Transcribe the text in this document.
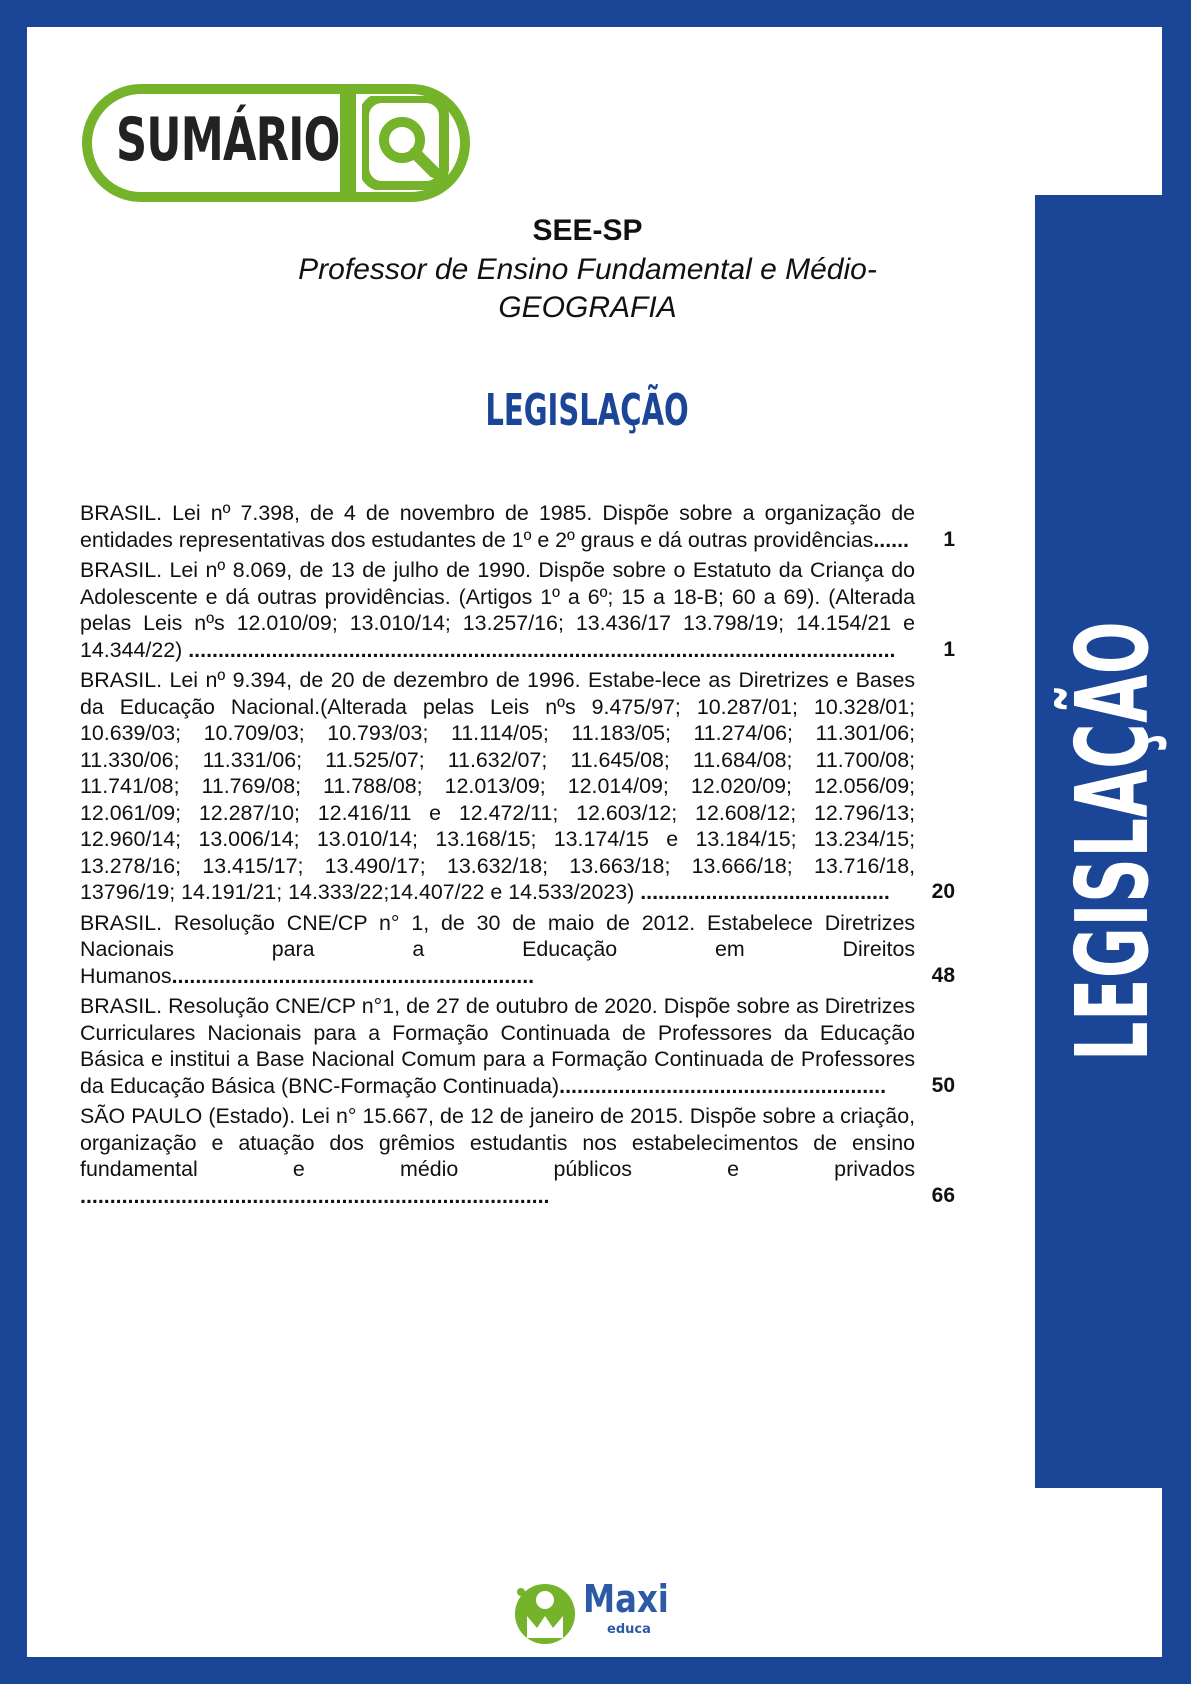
LEGISLAÇÃO
SUMÁRIO
SEE-SP
Professor de Ensino Fundamental e Médio-
GEOGRAFIA
LEGISLAÇÃO
BRASIL. Lei nº 7.398, de 4 de novembro de 1985. Dispõe sobre a organização de entidades representativas dos estudantes de 1º e 2º graus e dá outras providências......	1
BRASIL. Lei nº 8.069, de 13 de julho de 1990. Dispõe sobre o Estatuto da Criança do Adolescente e dá outras providências. (Artigos 1º a 6º; 15 a 18-B; 60 a 69). (Alterada pelas Leis nºs 12.010/09; 13.010/14; 13.257/16; 13.436/17 13.798/19; 14.154/21 e 14.344/22) .......................................................................................................................	1
BRASIL. Lei nº 9.394, de 20 de dezembro de 1996. Estabe-lece as Diretrizes e Bases da Educação Nacional.(Alterada pelas Leis nºs 9.475/97; 10.287/01; 10.328/01; 10.639/03; 10.709/03; 10.793/03; 11.114/05; 11.183/05; 11.274/06; 11.301/06; 11.330/06; 11.331/06; 11.525/07; 11.632/07; 11.645/08; 11.684/08; 11.700/08; 11.741/08; 11.769/08; 11.788/08; 12.013/09; 12.014/09; 12.020/09; 12.056/09; 12.061/09; 12.287/10; 12.416/11 e 12.472/11; 12.603/12; 12.608/12; 12.796/13; 12.960/14; 13.006/14; 13.010/14; 13.168/15; 13.174/15 e 13.184/15; 13.234/15; 13.278/16; 13.415/17; 13.490/17; 13.632/18; 13.663/18; 13.666/18; 13.716/18, 13796/19; 14.191/21; 14.333/22;14.407/22 e 14.533/2023) ..........................................	20
BRASIL. Resolução CNE/CP n° 1, de 30 de maio de 2012. Estabelece Diretrizes Nacionais para a Educação em Direitos Humanos.............................................................	48
BRASIL. Resolução CNE/CP n°1, de 27 de outubro de 2020. Dispõe sobre as Diretrizes Curriculares Nacionais para a Formação Continuada de Professores da Educação Básica e institui a Base Nacional Comum para a Formação Continuada de Professores da Educação Básica (BNC-Formação Continuada).......................................................	50
SÃO PAULO (Estado). Lei n° 15.667, de 12 de janeiro de 2015. Dispõe sobre a criação, organização e atuação dos grêmios estudantis nos estabelecimentos de ensino fundamental e médio públicos e privados ...............................................................................	66
Maxi
educa
